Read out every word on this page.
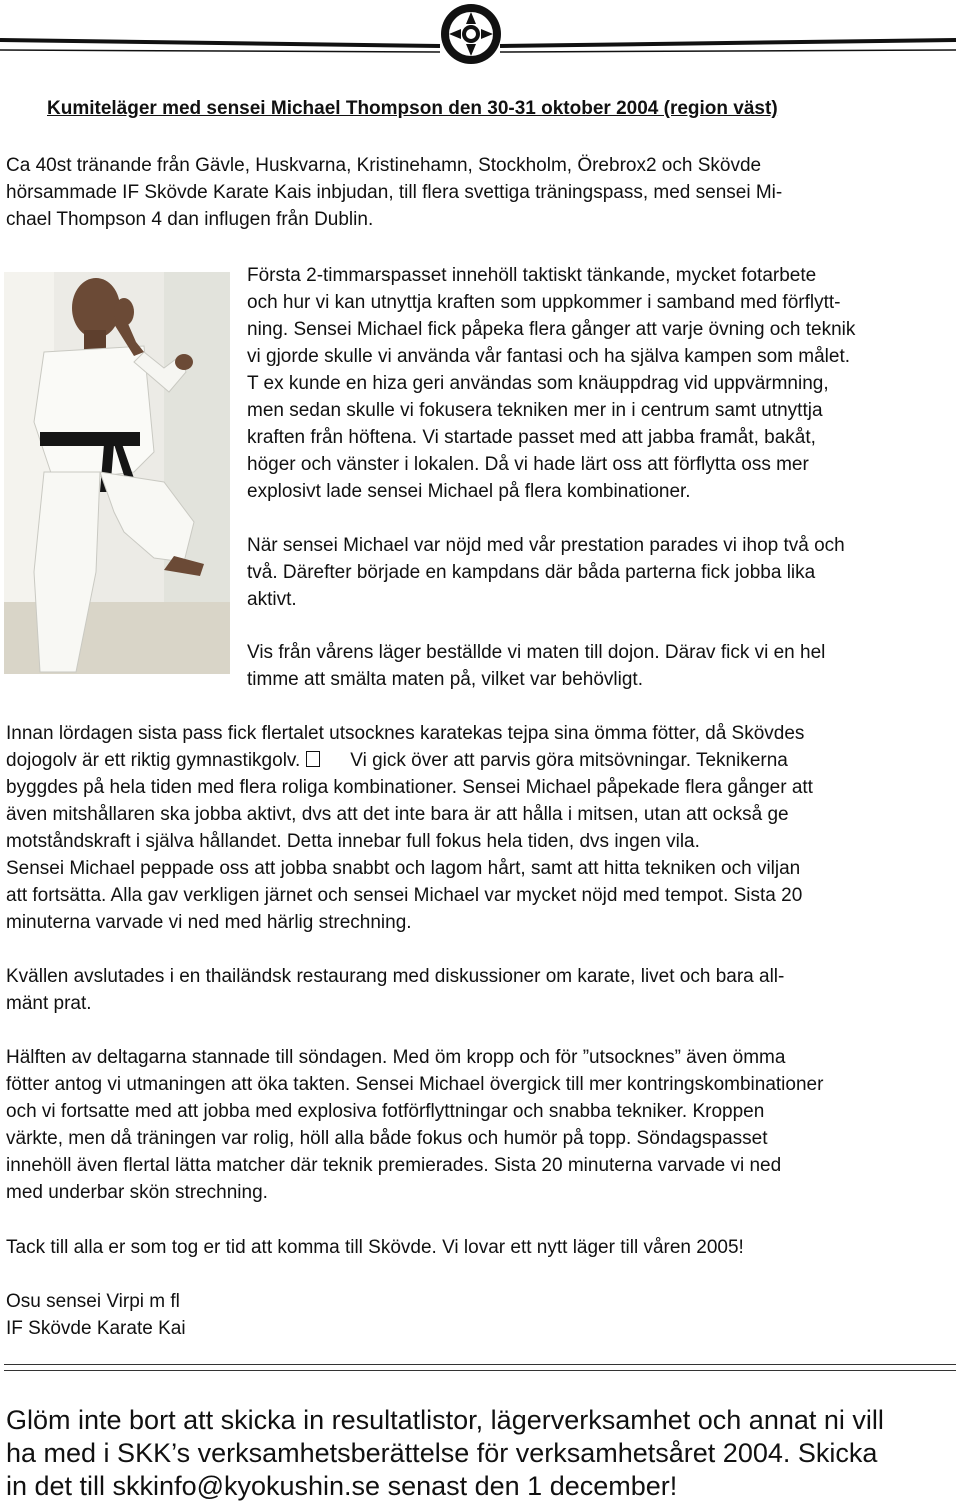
Kumiteläger med sensei Michael Thompson den 30-31 oktober 2004 (region väst)

Ca 40st tränande från Gävle, Huskvarna, Kristinehamn, Stockholm, Örebrox2 och Skövde

hörsammade IF Skövde Karate Kais inbjudan, till flera svettiga träningspass, med sensei Mi-

chael Thompson 4 dan influgen från Dublin.

Första 2-timmarspasset innehöll taktiskt tänkande, mycket fotarbete

och hur vi kan utnyttja kraften som uppkommer i samband med förflytt-

ning. Sensei Michael fick påpeka flera gånger att varje övning och teknik

vi gjorde skulle vi använda vår fantasi och ha själva kampen som målet.

T ex kunde en hiza geri användas som knäuppdrag vid uppvärmning,

men sedan skulle vi fokusera tekniken mer in i centrum samt utnyttja

kraften från höftena. Vi startade passet med att jabba framåt, bakåt,

höger och vänster i lokalen. Då vi hade lärt oss att förflytta oss mer

explosivt lade sensei Michael på flera kombinationer.

När sensei Michael var nöjd med vår prestation parades vi ihop två och

två. Därefter började en kampdans där båda parterna fick jobba lika

aktivt.

Vis från vårens läger beställde vi maten till dojon. Därav fick vi en hel

timme att smälta maten på, vilket var behövligt.

Innan lördagen sista pass fick flertalet utsocknes karatekas tejpa sina ömma fötter, då Skövdes

dojogolv är ett riktig gymnastikgolv.	Vi gick över att parvis göra mitsövningar. Teknikerna

byggdes på hela tiden med flera roliga kombinationer. Sensei Michael påpekade flera gånger att

även mitshållaren ska jobba aktivt, dvs att det inte bara är att hålla i mitsen, utan att också ge

motståndskraft i själva hållandet. Detta innebar full fokus hela tiden, dvs ingen vila.

Sensei Michael peppade oss att jobba snabbt och lagom hårt, samt att hitta tekniken och viljan

att fortsätta. Alla gav verkligen järnet och sensei Michael var mycket nöjd med tempot. Sista 20

minuterna varvade vi ned med härlig strechning.

Kvällen avslutades i en thailändsk restaurang med diskussioner om karate, livet och bara all-

mänt prat.

Hälften av deltagarna stannade till söndagen. Med öm kropp och för ”utsocknes” även ömma

fötter antog vi utmaningen att öka takten. Sensei Michael övergick till mer kontringskombinationer

och vi fortsatte med att jobba med explosiva fotförflyttningar och snabba tekniker. Kroppen

värkte, men då träningen var rolig, höll alla både fokus och humör på topp. Söndagspasset

innehöll även flertal lätta matcher där teknik premierades. Sista 20 minuterna varvade vi ned

med underbar skön strechning.

Tack till alla er som tog er tid att komma till Skövde. Vi lovar ett nytt läger till våren 2005!

Osu sensei Virpi m fl

IF Skövde Karate Kai

Glöm inte bort att skicka in resultatlistor, lägerverksamhet och annat ni vill
ha med i SKK’s verksamhetsberättelse för verksamhetsåret 2004. Skicka
in det till skkinfo@kyokushin.se senast den 1 december!
